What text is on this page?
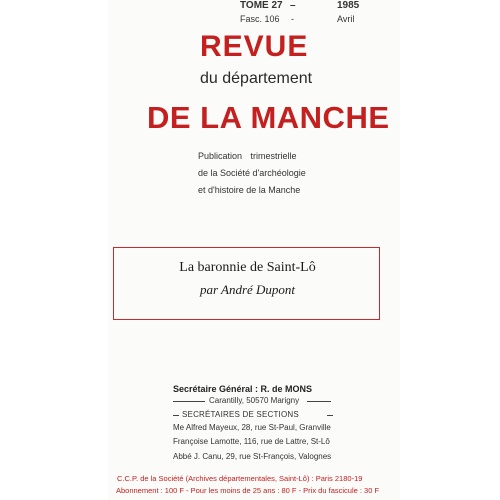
TOME 27 –	1985
Fasc. 106 -	Avril
REVUE
du département
DE LA MANCHE
Publication trimestrielle
de la Société d'archéologie
et d'histoire de la Manche
La baronnie de Saint-Lô
par André Dupont
Secrétaire Général : R. de MONS
Carantilly, 50570 Marigny
SECRÉTAIRES DE SECTIONS
Me Alfred Mayeux, 28, rue St-Paul, Granville
Françoise Lamotte, 116, rue de Lattre, St-Lô
Abbé J. Canu, 29, rue St-François, Valognes
C.C.P. de la Société (Archives départementales, Saint-Lô) : Paris 2180-19
Abonnement : 100 F - Pour les moins de 25 ans : 80 F - Prix du fascicule : 30 F
